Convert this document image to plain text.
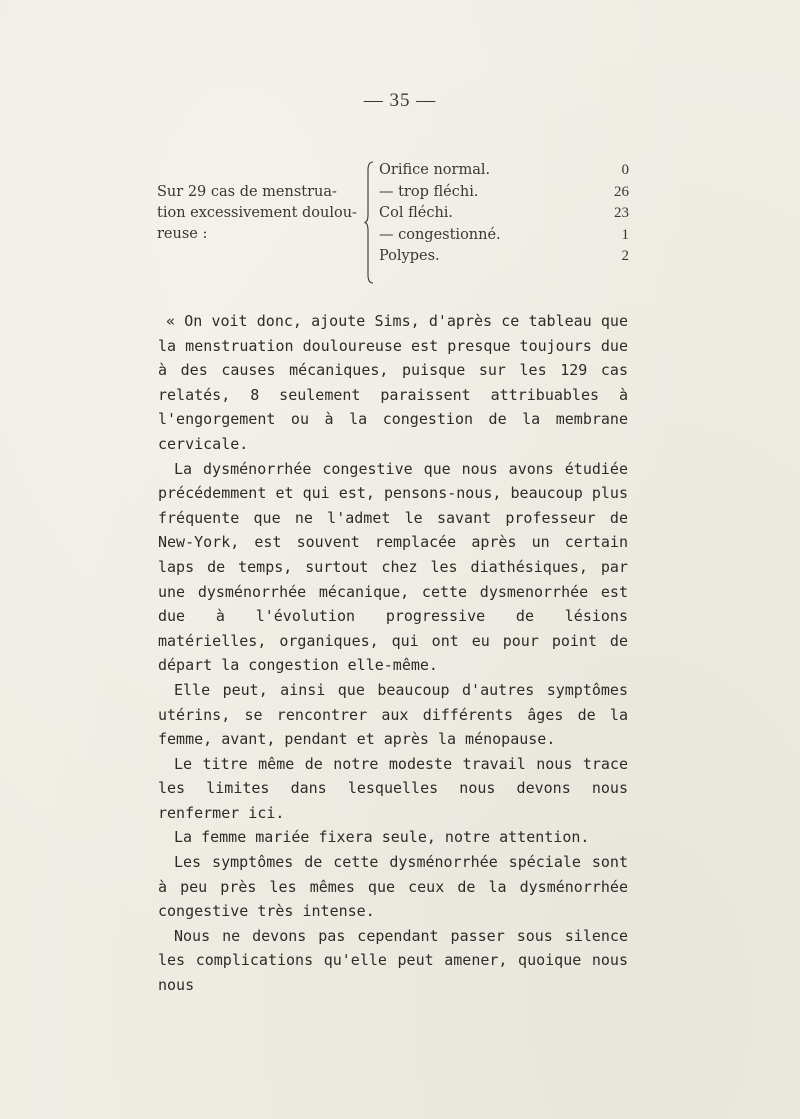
— 35 —
Sur 29 cas de menstrua-
tion excessivement doulou-
reuse :
Orifice normal.	0
— trop fléchi.	26
Col fléchi.	23
— congestionné.	1
Polypes.	2

« On voit donc, ajoute Sims, d'après ce tableau que la menstruation douloureuse est presque toujours due à des causes mécaniques, puisque sur les 129 cas relatés, 8 seulement paraissent attribuables à l'engorgement ou à la congestion de la membrane cervicale.

La dysménorrhée congestive que nous avons étudiée précédemment et qui est, pensons-nous, beaucoup plus fréquente que ne l'admet le savant professeur de New-York, est souvent remplacée après un certain laps de temps, surtout chez les diathésiques, par une dysménorrhée mécanique, cette dysmenorrhée est due à l'évolution progressive de lésions matérielles, organiques, qui ont eu pour point de départ la congestion elle-même.

Elle peut, ainsi que beaucoup d'autres symptômes utérins, se rencontrer aux différents âges de la femme, avant, pendant et après la ménopause.

Le titre même de notre modeste travail nous trace les limites dans lesquelles nous devons nous renfermer ici.

La femme mariée fixera seule, notre attention.

Les symptômes de cette dysménorrhée spéciale sont à peu près les mêmes que ceux de la dysménorrhée congestive très intense.

Nous ne devons pas cependant passer sous silence les complications qu'elle peut amener, quoique nous nous
